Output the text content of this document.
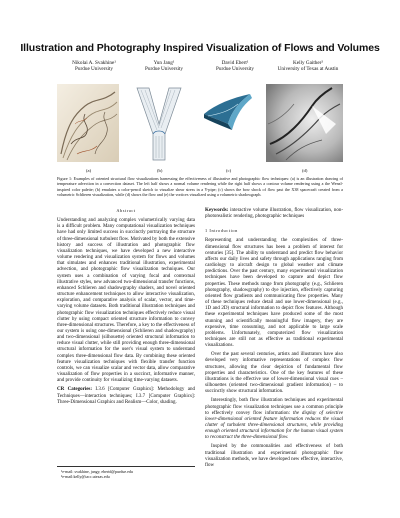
Illustration and Photography Inspired Visualization of Flows and Volumes
Nikolai A. Svakhine¹
Purdue University
Yun Jang¹
Purdue University
David Ebert¹
Purdue University
Kelly Gaither²
University of Texas at Austin
(a)	(b)	(c)	(d)
Figure 1: Examples of oriented structural flow visualizations harnessing the effectiveness of illustrative and photographic flow techniques: (a) is an illustration drawing of temperature advection in a convection dataset. The left half shows a normal volume rendering while the right half shows a contour volume rendering using a the Wenzl-inspired color palette; (b) emulates a color-pencil sketch to visualize shear stress in a Y-pipe; (c) shows the bow shock of flow past the X38 spacecraft created from a volumetric Schlieren visualization, while (d) shows the flow and (e) the vortices visualized using a volumetric shadowgraph.
Abstract

Understanding and analyzing complex volumetrically varying data is a difficult problem. Many computational visualization techniques have had only limited success in succinctly portraying the structure of three-dimensional turbulent flow. Motivated by both the extensive history and success of illustration and photographic flow visualization techniques, we have developed a new interactive volume rendering and visualization system for flows and volumes that simulates and enhances traditional illustration, experimental advection, and photographic flow visualization techniques. Our system uses a combination of varying focal and contextual illustrative styles, new advanced two-dimensional transfer functions, enhanced Schlieren and shadowgraphy shaders, and novel oriented structure enhancement techniques to allow interactive visualization, exploration, and comparative analysis of scalar, vector, and time-varying volume datasets. Both traditional illustration techniques and photographic flow visualization techniques effectively reduce visual clutter by using compact oriented structure information to convey three-dimensional structures. Therefore, a key to the effectiveness of our system is using one-dimensional (Schlieren and shadowgraphy) and two-dimensional (silhouette) oriented structural information to reduce visual clutter, while still providing enough three-dimensional structural information for the user's visual system to understand complex three-dimensional flow data. By combining these oriented feature visualization techniques with flexible transfer function controls, we can visualize scalar and vector data, allow comparative visualization of flow properties in a succinct, informative manner, and provide continuity for visualizing time-varying datasets.

CR Categories: I.3.6 [Computer Graphics]: Methodology and Techniques—interaction techniques; I.3.7 [Computer Graphics]: Three-Dimensional Graphics and Realism—Color, shading.

¹e-mail: svakhine, jangy, ebertd@purdue.edu
²e-mail:kelly@tacc.utexas.edu

Keywords: interactive volume illustration, flow visualization, non-photorealistic rendering, photographic techniques

1 Introduction

Representing and understanding the complexities of three-dimensional flow structures has been a problem of interest for centuries [35]. The ability to understand and predict flow behavior affects our daily lives and safety through applications ranging from cardiology to aircraft design to global weather and climate predictions. Over the past century, many experimental visualization techniques have been developed to capture and depict flow properties. These methods range from photography (e.g., Schlieren photography, shadowgraphy) to dye injection, effectively capturing oriented flow gradients and communicating flow properties. Many of these techniques reduce detail and use lower-dimensional (e.g., 1D and 2D) structural information to depict flow features. Although these experimental techniques have produced some of the most stunning and scientifically meaningful flow imagery, they are expensive, time consuming, and not applicable to large scale problems. Unfortunately, computerized flow visualization techniques are still not as effective as traditional experimental visualizations.

Over the past several centuries, artists and illustrators have also developed very informative representations of complex flow structures, allowing the clear depiction of fundamental flow properties and characteristics. One of the key features of these illustrations is the effective use of lower-dimensional visual cues – silhouettes (oriented two-dimensional gradient information) – to succinctly show structural information.

Interestingly, both flow illustration techniques and experimental photographic flow visualization techniques use a common principle to effectively convey flow information: the display of selective lower-dimensional oriented feature information reduces the visual clutter of turbulent three-dimensional structures, while providing enough oriented structural information for the human visual system to reconstruct the three-dimensional flow.

Inspired by the commonalities and effectiveness of both traditional illustration and experimental photographic flow visualization methods, we have developed new effective, interactive, flow
